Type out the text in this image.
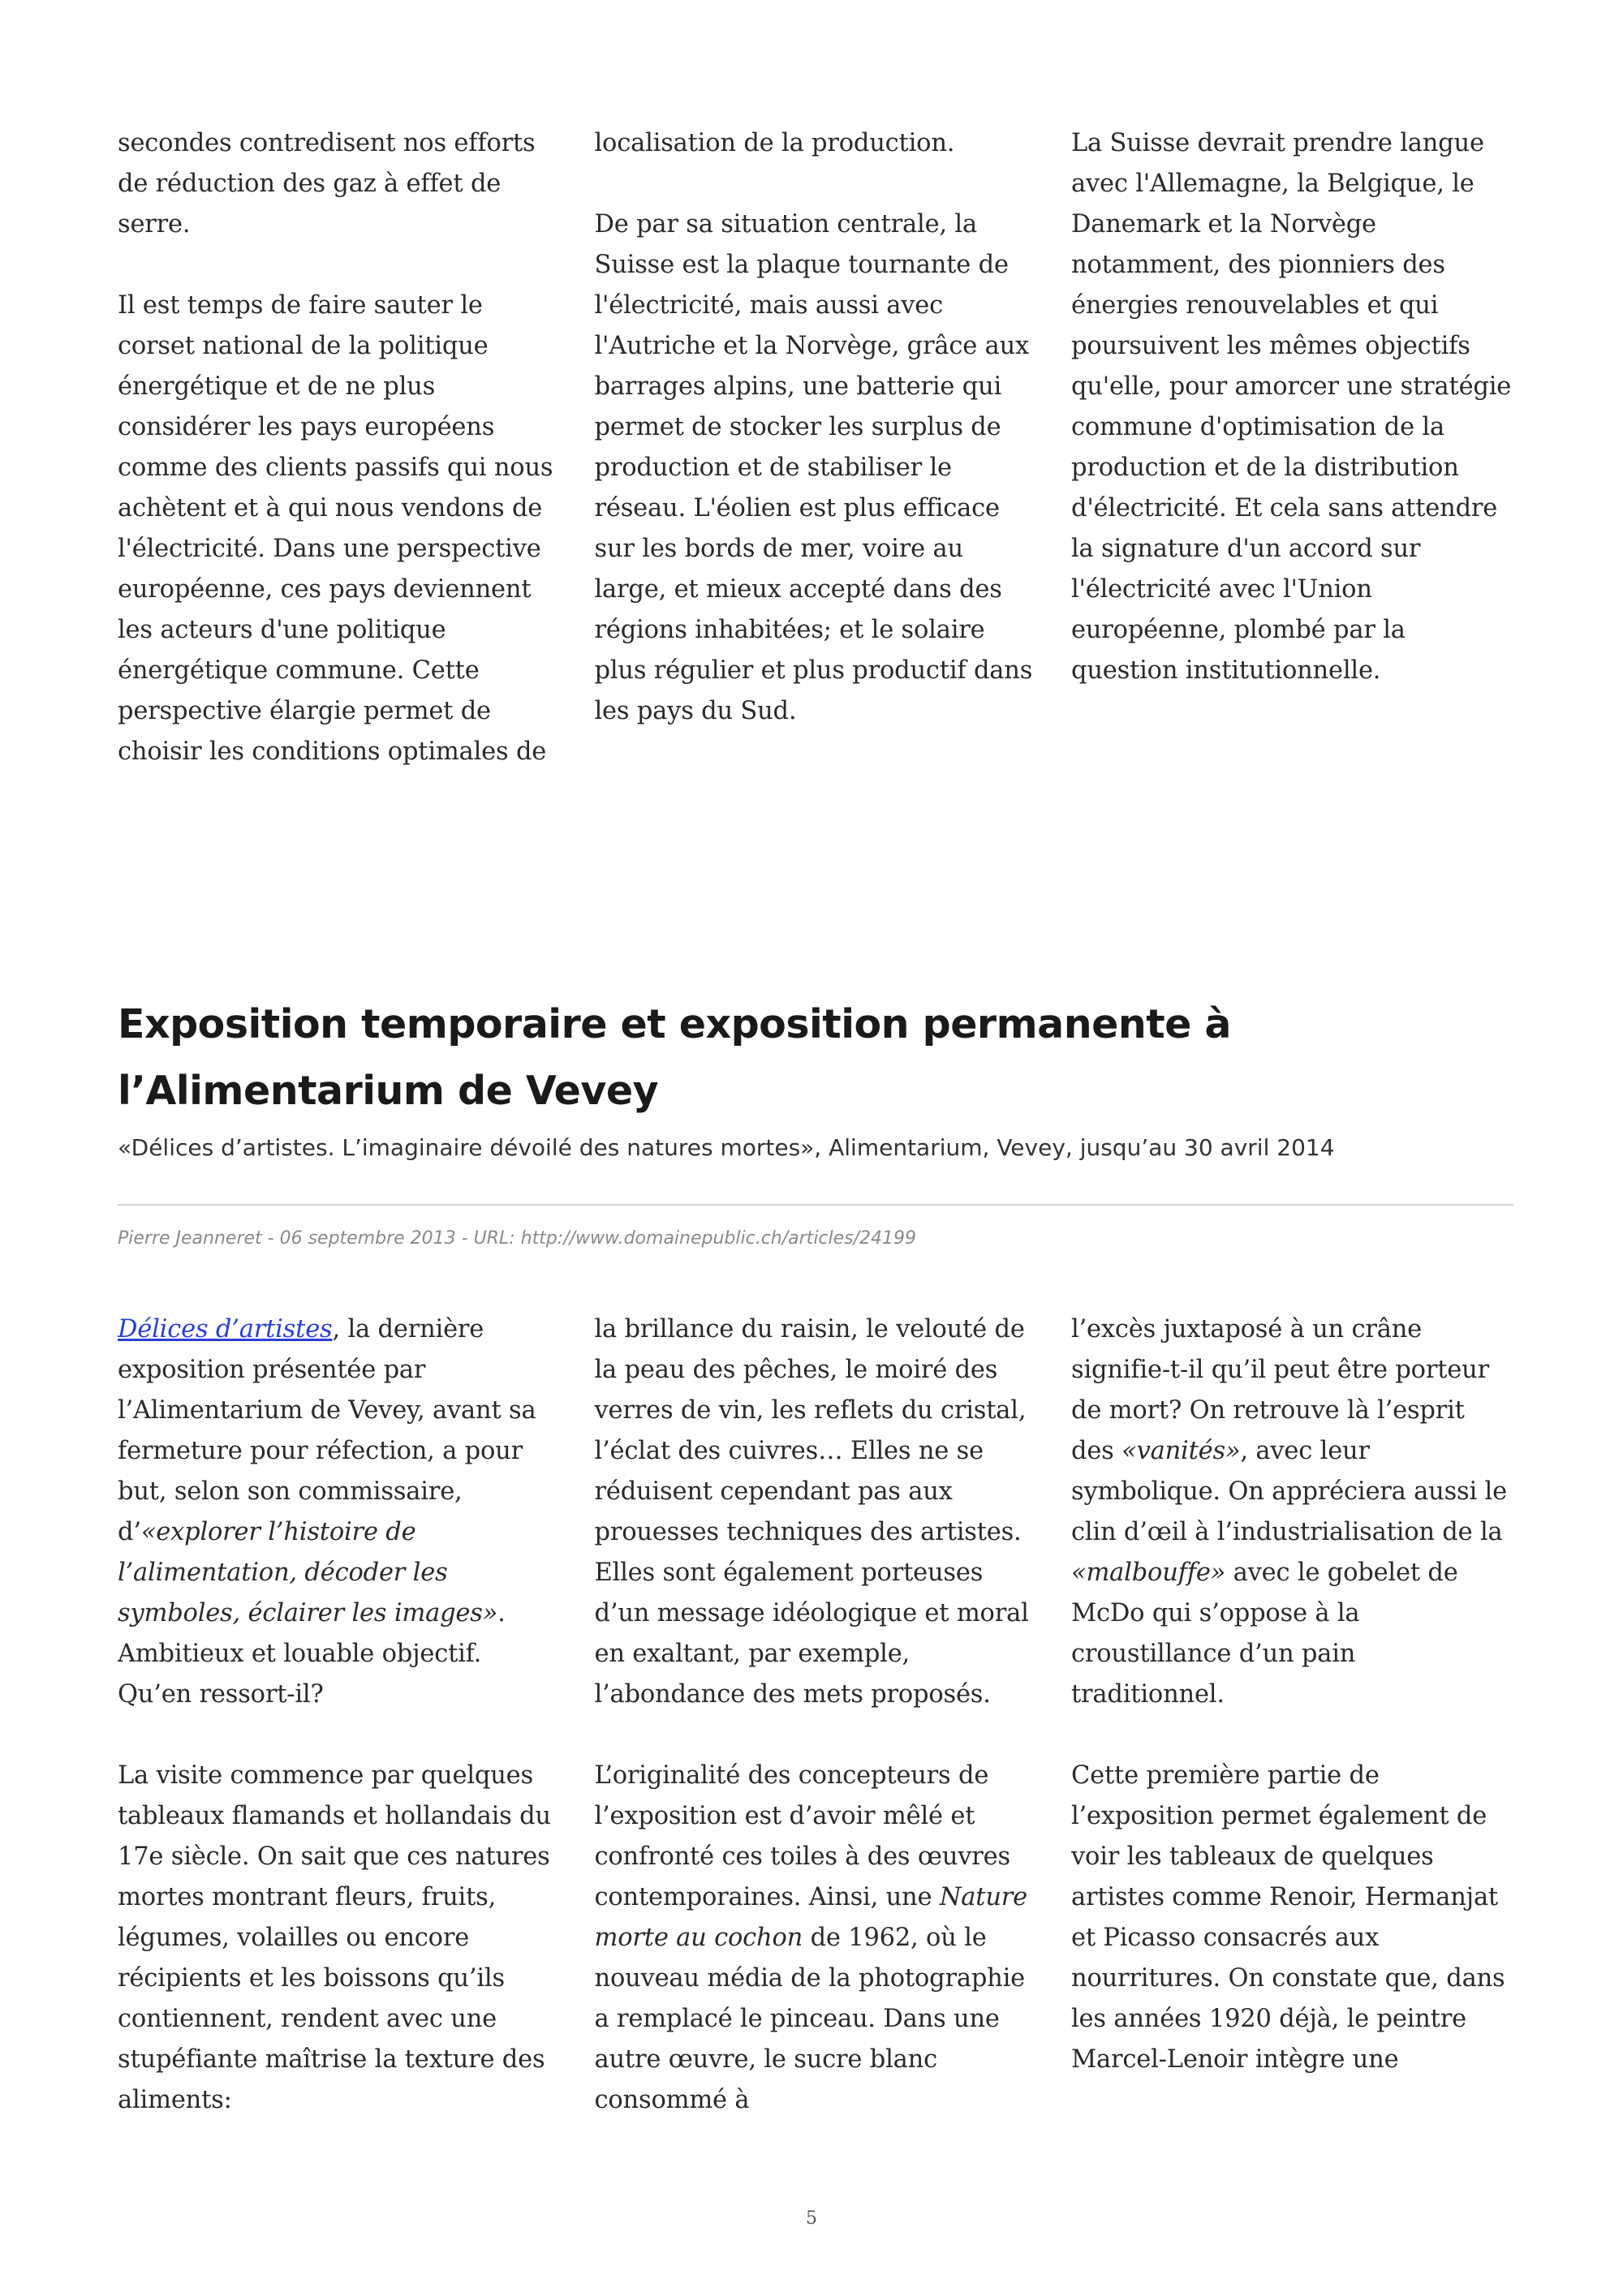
secondes contredisent nos efforts de réduction des gaz à effet de serre.

Il est temps de faire sauter le corset national de la politique énergétique et de ne plus considérer les pays européens comme des clients passifs qui nous achètent et à qui nous vendons de l'électricité. Dans une perspective européenne, ces pays deviennent les acteurs d'une politique énergétique commune. Cette perspective élargie permet de choisir les conditions optimales de

localisation de la production.

De par sa situation centrale, la Suisse est la plaque tournante de l'électricité, mais aussi avec l'Autriche et la Norvège, grâce aux barrages alpins, une batterie qui permet de stocker les surplus de production et de stabiliser le réseau. L'éolien est plus efficace sur les bords de mer, voire au large, et mieux accepté dans des régions inhabitées; et le solaire plus régulier et plus productif dans les pays du Sud.

La Suisse devrait prendre langue avec l'Allemagne, la Belgique, le Danemark et la Norvège notamment, des pionniers des énergies renouvelables et qui poursuivent les mêmes objectifs qu'elle, pour amorcer une stratégie commune d'optimisation de la production et de la distribution d'électricité. Et cela sans attendre la signature d'un accord sur l'électricité avec l'Union européenne, plombé par la question institutionnelle.

Exposition temporaire et exposition permanente à l’Alimentarium de Vevey

«Délices d’artistes. L’imaginaire dévoilé des natures mortes», Alimentarium, Vevey, jusqu’au 30 avril 2014

Pierre Jeanneret - 06 septembre 2013 - URL: http://www.domainepublic.ch/articles/24199

Délices d’artistes, la dernière exposition présentée par l’Alimentarium de Vevey, avant sa fermeture pour réfection, a pour but, selon son commissaire, d’«explorer l’histoire de l’alimentation, décoder les symboles, éclairer les images». Ambitieux et louable objectif. Qu’en ressort-il?

La visite commence par quelques tableaux flamands et hollandais du 17e siècle. On sait que ces natures mortes montrant fleurs, fruits, légumes, volailles ou encore récipients et les boissons qu’ils contiennent, rendent avec une stupéfiante maîtrise la texture des aliments:

la brillance du raisin, le velouté de la peau des pêches, le moiré des verres de vin, les reflets du cristal, l’éclat des cuivres… Elles ne se réduisent cependant pas aux prouesses techniques des artistes. Elles sont également porteuses d’un message idéologique et moral en exaltant, par exemple, l’abondance des mets proposés.

L’originalité des concepteurs de l’exposition est d’avoir mêlé et confronté ces toiles à des œuvres contemporaines. Ainsi, une Nature morte au cochon de 1962, où le nouveau média de la photographie a remplacé le pinceau. Dans une autre œuvre, le sucre blanc consommé à

l’excès juxtaposé à un crâne signifie-t-il qu’il peut être porteur de mort? On retrouve là l’esprit des «vanités», avec leur symbolique. On appréciera aussi le clin d’œil à l’industrialisation de la «malbouffe» avec le gobelet de McDo qui s’oppose à la croustillance d’un pain traditionnel.

Cette première partie de l’exposition permet également de voir les tableaux de quelques artistes comme Renoir, Hermanjat et Picasso consacrés aux nourritures. On constate que, dans les années 1920 déjà, le peintre Marcel-Lenoir intègre une

5
